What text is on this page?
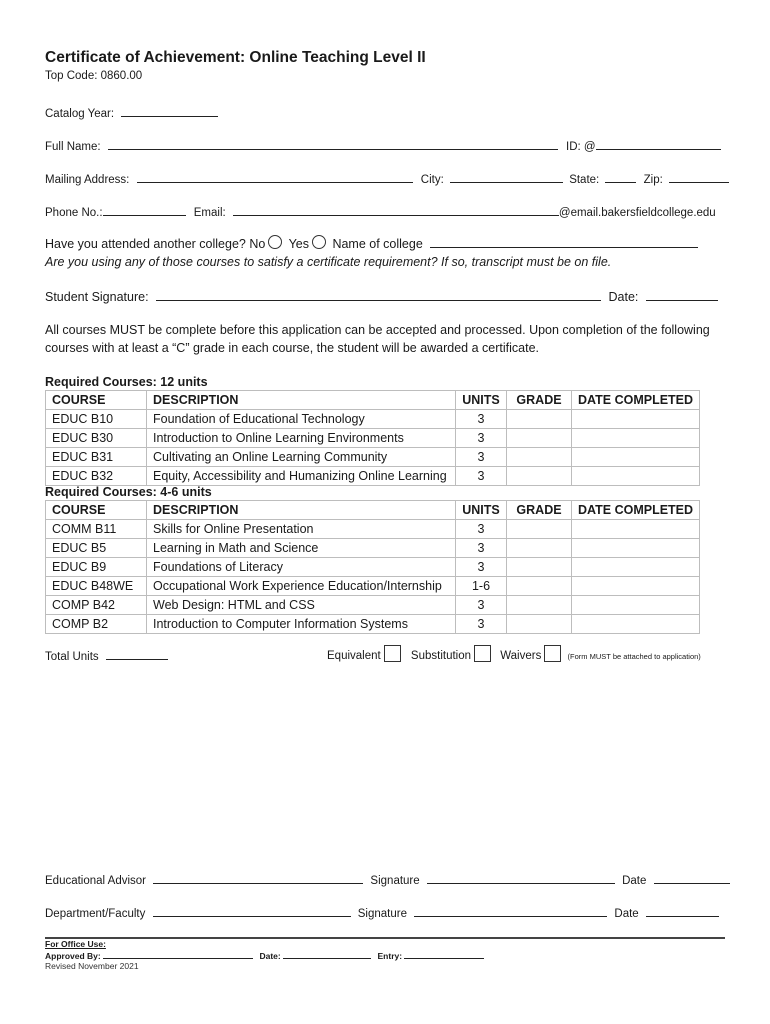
Certificate of Achievement: Online Teaching Level II
Top Code: 0860.00
Catalog Year:
Full Name:	ID: @
Mailing Address:	City:	State:	Zip:
Phone No.:	Email:	@email.bakersfieldcollege.edu
Have you attended another college? No Yes Name of college
Are you using any of those courses to satisfy a certificate requirement? If so, transcript must be on file.
Student Signature:	Date:
All courses MUST be complete before this application can be accepted and processed. Upon completion of the following
courses with at least a “C” grade in each course, the student will be awarded a certificate.
Required Courses: 12 units
COURSE	DESCRIPTION	UNITS	GRADE	DATE COMPLETED
EDUC B10	Foundation of Educational Technology	3		
EDUC B30	Introduction to Online Learning Environments	3		
EDUC B31	Cultivating an Online Learning Community	3		
EDUC B32	Equity, Accessibility and Humanizing Online Learning	3		
Required Courses: 4-6 units
COURSE	DESCRIPTION	UNITS	GRADE	DATE COMPLETED
COMM B11	Skills for Online Presentation	3		
EDUC B5	Learning in Math and Science	3		
EDUC B9	Foundations of Literacy	3		
EDUC B48WE	Occupational Work Experience Education/Internship	1-6		
COMP B42	Web Design: HTML and CSS	3		
COMP B2	Introduction to Computer Information Systems	3		
Total Units	Equivalent	Substitution	Waivers	(Form MUST be attached to application)
Educational Advisor	Signature	Date
Department/Faculty	Signature	Date
For Office Use:
Approved By:	Date:	Entry:
Revised November 2021
